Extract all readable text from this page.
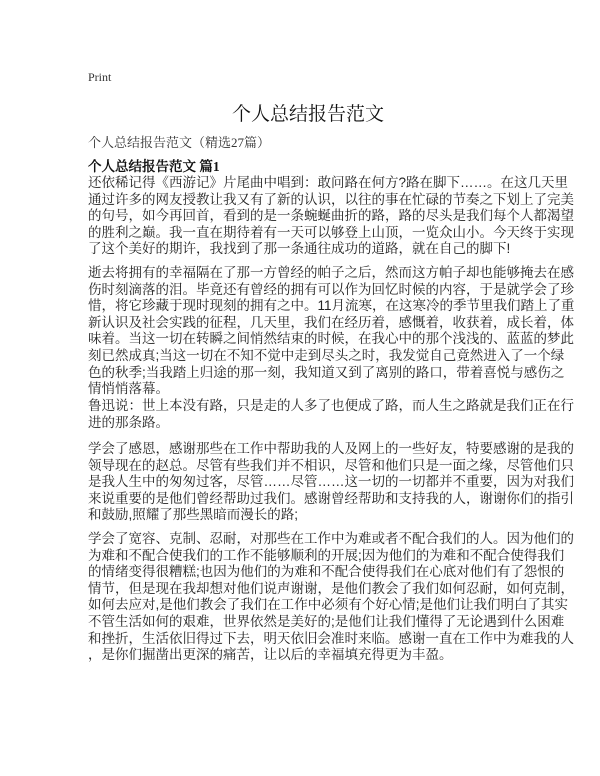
Print
个人总结报告范文
个人总结报告范文（精选27篇）
个人总结报告范文 篇1
还依稀记得《西游记》片尾曲中唱到：敢问路在何方?路在脚下……。在这几天里
通过许多的网友授教让我又有了新的认识，以往的事在忙碌的节奏之下划上了完美
的句号，如今再回首，看到的是一条蜿蜒曲折的路，路的尽头是我们每个人都渴望
的胜利之巅。我一直在期待着有一天可以够登上山顶，一览众山小。今天终于实现
了这个美好的期许，我找到了那一条通往成功的道路，就在自己的脚下!
逝去将拥有的幸福隔在了那一方曾经的帕子之后，然而这方帕子却也能够掩去在感
伤时刻滴落的泪。毕竟还有曾经的拥有可以作为回忆时候的内容，于是就学会了珍
惜，将它珍藏于现时现刻的拥有之中。11月流寒，在这寒冷的季节里我们踏上了重
新认识及社会实践的征程，几天里，我们在经历着，感慨着，收获着，成长着，体
味着。当这一切在转瞬之间悄然结束的时候，在我心中的那个浅浅的、蓝蓝的梦此
刻已然成真;当这一切在不知不觉中走到尽头之时，我发觉自己竟然进入了一个绿
色的秋季;当我踏上归途的那一刻，我知道又到了离别的路口，带着喜悦与感伤之
情悄悄落幕。
鲁迅说：世上本没有路，只是走的人多了也便成了路，而人生之路就是我们正在行
进的那条路。
学会了感恩，感谢那些在工作中帮助我的人及网上的一些好友，特要感谢的是我的
领导现在的赵总。尽管有些我们并不相识，尽管和他们只是一面之缘，尽管他们只
是我人生中的匆匆过客，尽管……尽管……这一切的一切都并不重要，因为对我们
来说重要的是他们曾经帮助过我们。感谢曾经帮助和支持我的人，谢谢你们的指引
和鼓励,照耀了那些黑暗而漫长的路;
学会了宽容、克制、忍耐，对那些在工作中为难或者不配合我们的人。因为他们的
为难和不配合使我们的工作不能够顺利的开展;因为他们的为难和不配合使得我们
的情绪变得很糟糕;也因为他们的为难和不配合使得我们在心底对他们有了怨恨的
情节，但是现在我却想对他们说声谢谢，是他们教会了我们如何忍耐，如何克制，
如何去应对,是他们教会了我们在工作中必须有个好心情;是他们让我们明白了其实
不管生活如何的艰难，世界依然是美好的;是他们让我们懂得了无论遇到什么困难
和挫折，生活依旧得过下去，明天依旧会准时来临。感谢一直在工作中为难我的人
，是你们掘凿出更深的痛苦，让以后的幸福填充得更为丰盈。
